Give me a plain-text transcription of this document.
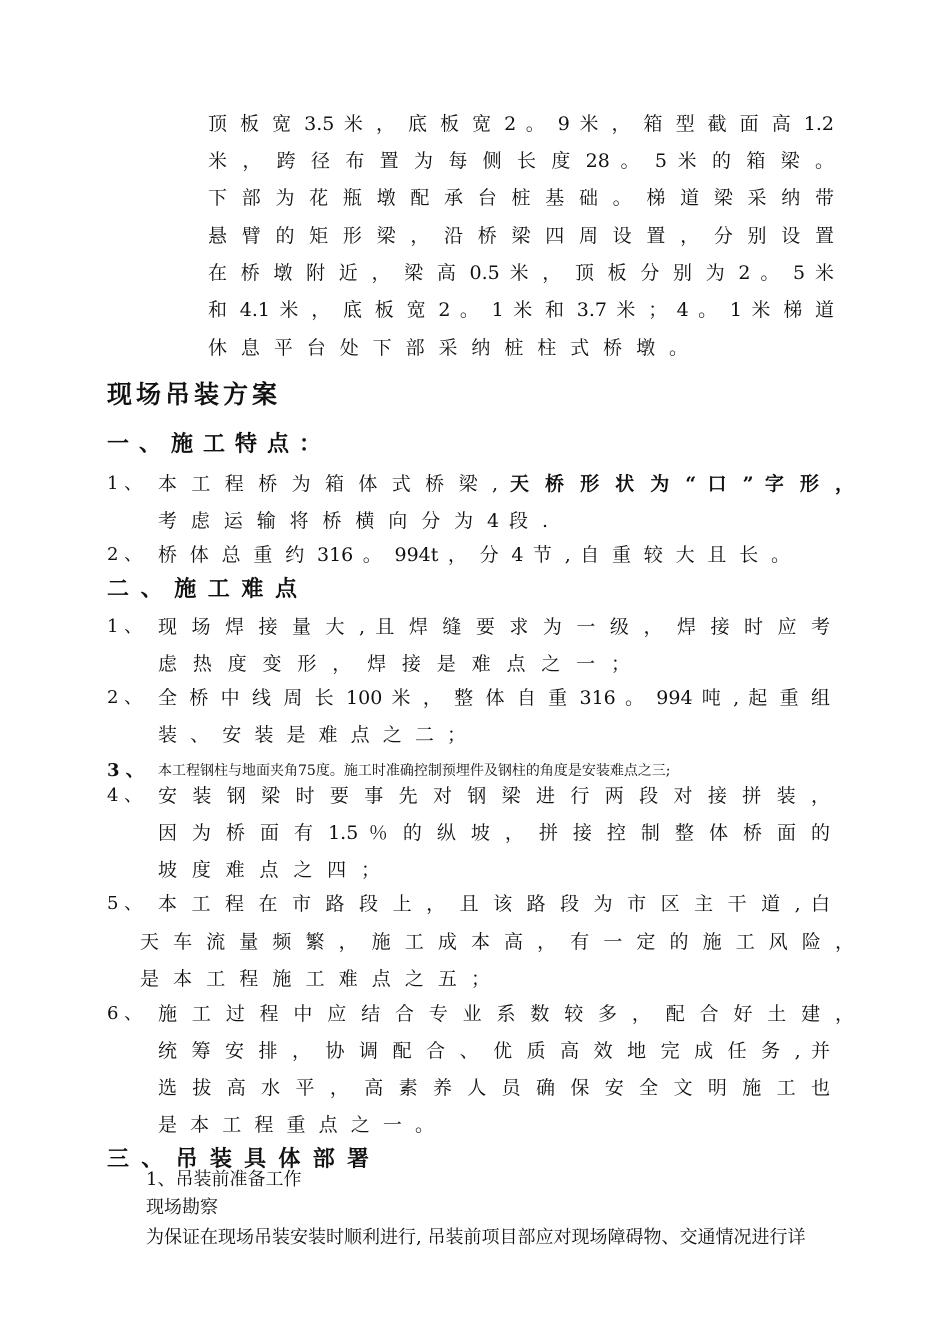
顶 板 宽 3.5 米 ， 底 板 宽 2 。 9 米 ， 箱 型 截 面 高 1.2

米 ， 跨 径 布 置 为 每 侧 长 度 28 。 5 米 的 箱 梁 。

下 部 为 花 瓶 墩 配 承 台 桩 基 础 。 梯 道 梁 采 纳 带

悬 臂 的 矩 形 梁 ， 沿 桥 梁 四 周 设 置 ， 分 别 设 置

在 桥 墩 附 近 ， 梁 高 0.5 米 ， 顶 板 分 别 为 2 。 5 米

和 4.1 米 ， 底 板 宽 2 。 1 米 和 3.7 米 ； 4 。 1 米 梯 道

休 息 平 台 处 下 部 采 纳 桩 柱 式 桥 墩 。

现场吊装方案

一 、 施 工 特 点 ：

1 、 本 工 程 桥 为 箱 体 式 桥 梁 , 天 桥 形 状 为 “ 口 ” 字 形 ，

考 虑 运 输 将 桥 横 向 分 为 4 段 .

2 、 桥 体 总 重 约 316 。 994t ， 分 4 节 , 自 重 较 大 且 长 。

二 、 施 工 难 点

1 、 现 场 焊 接 量 大 , 且 焊 缝 要 求 为 一 级 ， 焊 接 时 应 考

虑 热 度 变 形 ， 焊 接 是 难 点 之 一 ；

2 、 全 桥 中 线 周 长 100 米 ， 整 体 自 重 316 。 994 吨 , 起 重 组

装 、 安 装 是 难 点 之 二 ；

3 、 本工程钢柱与地面夹角75度。施工时准确控制预埋件及钢柱的角度是安装难点之三;

4 、 安 装 钢 梁 时 要 事 先 对 钢 梁 进 行 两 段 对 接 拼 装 ，

因 为 桥 面 有 1.5 ％ 的 纵 坡 ， 拼 接 控 制 整 体 桥 面 的

坡 度 难 点 之 四 ；

5 、 本 工 程 在 市 路 段 上 ， 且 该 路 段 为 市 区 主 干 道 , 白

天 车 流 量 频 繁 ， 施 工 成 本 高 ， 有 一 定 的 施 工 风 险 ，

是 本 工 程 施 工 难 点 之 五 ；

6 、 施 工 过 程 中 应 结 合 专 业 系 数 较 多 ， 配 合 好 土 建 ，

统 筹 安 排 ， 协 调 配 合 、 优 质 高 效 地 完 成 任 务 , 并

选 拔 高 水 平 ， 高 素 养 人 员 确 保 安 全 文 明 施 工 也

是 本 工 程 重 点 之 一 。

三 、 吊 装 具 体 部 署

1、吊装前准备工作

现场勘察

为保证在现场吊装安装时顺利进行, 吊装前项目部应对现场障碍物、交通情况进行详
